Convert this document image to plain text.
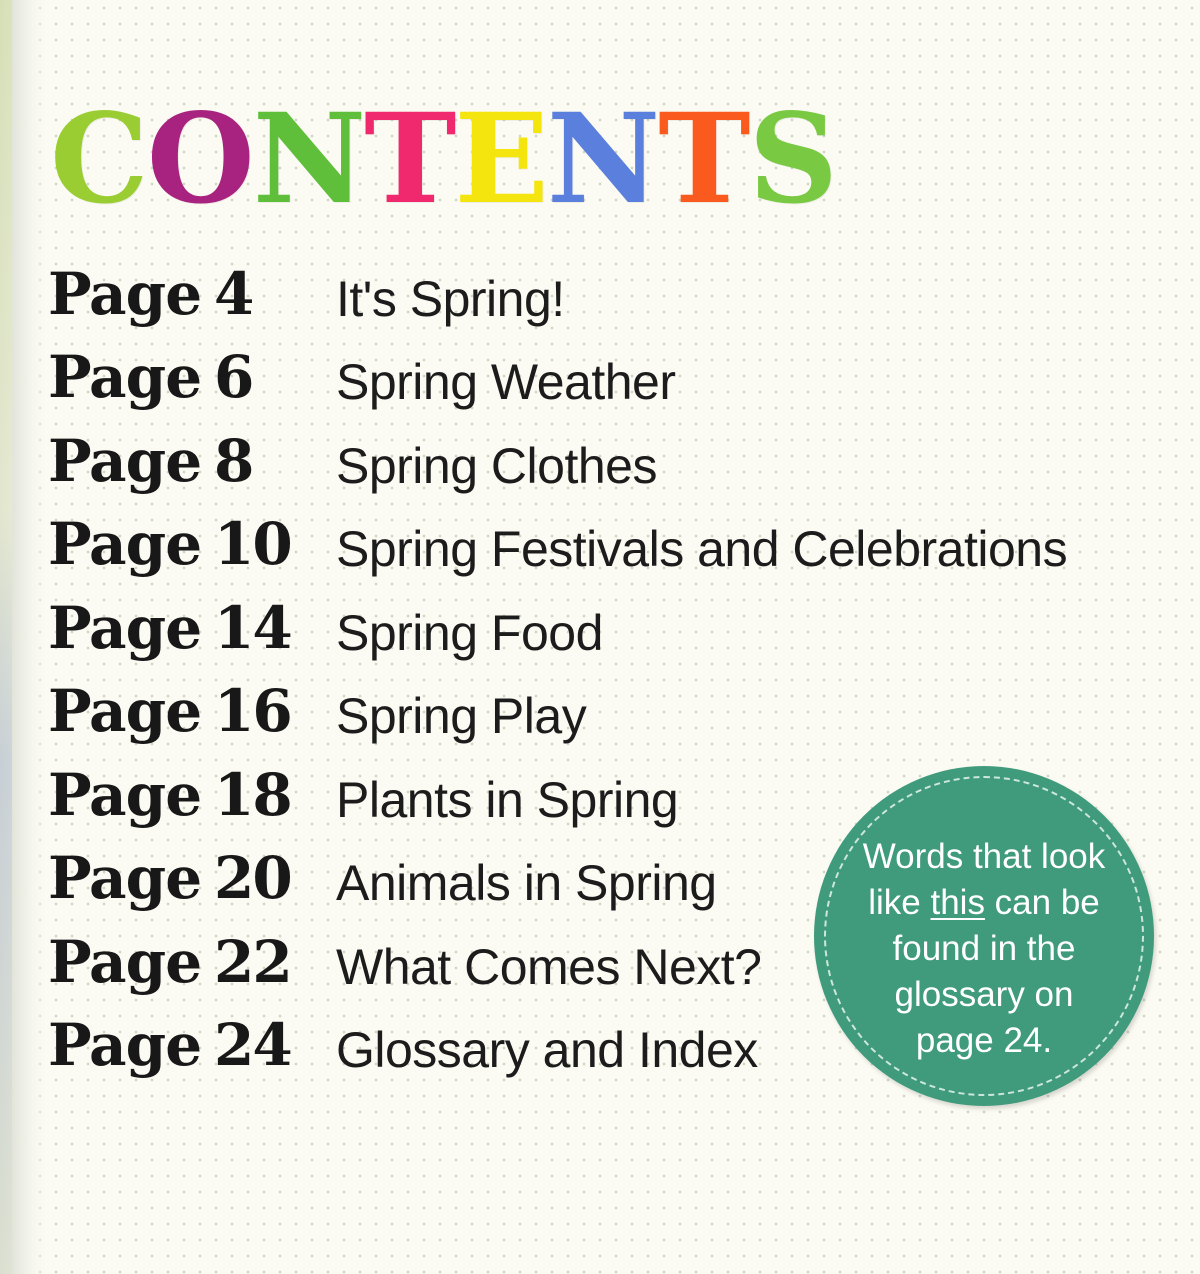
C O N T E N T S
Page 4	It's Spring!
Page 6	Spring Weather
Page 8	Spring Clothes
Page 10 Spring Festivals and Celebrations
Page 14 Spring Food
Page 16 Spring Play
Page 18 Plants in Spring
Page 20 Animals in Spring
Page 22 What Comes Next?
Page 24 Glossary and Index
Words that look
like this can be
found in the
glossary on
page 24.
